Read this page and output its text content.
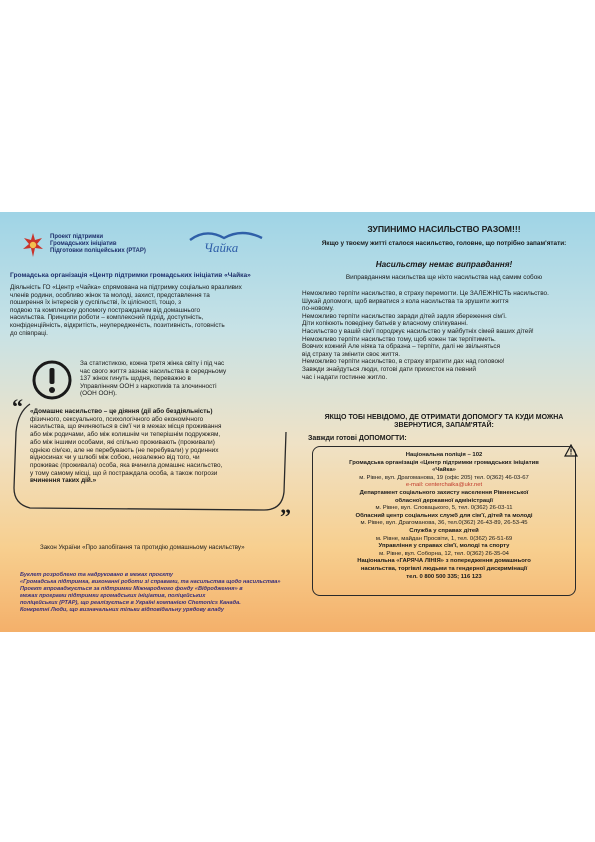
Проект підтримки
Громадських ініціатив
Підготовки поліцейських (РТАР)	Чайка
Громадська організація «Центр підтримки громадських ініціатив «Чайка»
Діяльність ГО «Центр «Чайка» спрямована на підтримку соціально вразливих
членів родини, особливо жінок та молоді, захист, представлення та
поширення їх інтересів у суспільстві, їх цілісності, тощо, з
подвою та комплексну допомогу постраждалим від домашнього
насильства. Принципи роботи – комплексний підхід, доступність,
конфіденційність, відкритість, неупередженість, позитивність, готовність
до співпраці.
За статистикою, кожна третя жінка світу і під час
час свого життя зазнає насильства в середньому
137 жінок гинуть щодня, переважно в
Управлінням ООН з наркотиків та злочинності
(ООН ООН).
“
”
«Домашнє насильство – це діяння (дії або бездіяльність)
фізичного, сексуального, психологічного або економічного
насильства, що вчиняються в сім'ї чи в межах місця проживання
або між родичами, або між колишнім чи теперішнім подружжям,
або між іншими особами, які спільно проживають (проживали)
однією сім'єю, але не перебувають (не перебували) у родинних
відносинах чи у шлюбі між собою, незалежно від того, чи
проживає (проживала) особа, яка вчинила домашнє насильство,
у тому самому місці, що й постраждала особа, а також погрози
вчинення таких дій.»
Закон України «Про запобігання та протидію домашньому насильству»
Буклет розроблено та надруковано в межах проєкту
«Громадська підтримка, виконанні роботи зі справами, та насильства щодо насильства»
Проект впроваджується за підтримки Міжнародного фонду «Відродження» в
межах програми підтримки громадських ініціатив, поліцейських
поліцейських (РТАР), що реалізується в Україні компанією Chemonics Канада.
Конкретні Люди, що визначальних тільки відповідальну урядову владу
ЗУПИНИМО НАСИЛЬСТВО РАЗОМ!!!
Якщо у твоєму житті сталося насильство, головне, що потрібно запам'ятати:
Насильству немає виправдання!
Виправданням насильства ще ніхто насильства над самим собою
Неможливо терпіти насильство, в страху перемогти. Це ЗАЛЕЖНІСТЬ насильство.
Шукай допомоги, щоб вирватися з кола насильства та зрушити життя
по-новому.
Неможливо терпіти насильство заради дітей задля збереження сім'ї.
Діти копіюють поведінку батьків у власному спілкуванні.
Насильство у вашій сім'ї породжує насильство у майбутніх сімей ваших дітей!
Неможливо терпіти насильство тому, щоб кожен так терпітиметь.
Вовчих кожний Але ніяка та образна – терпіти, далі не звільняться
від страху та змінити своє життя.
Неможливо терпіти насильство, в страху втратити дах над головою!
Завжди знайдуться люди, готові дати прихисток на певний
час і надати гостинне житло.
ЯКЩО ТОБІ НЕВІДОМО, ДЕ ОТРИМАТИ ДОПОМОГУ ТА КУДИ МОЖНА ЗВЕРНУТИСЯ, ЗАПАМ'ЯТАЙ:
Завжди готові ДОПОМОГТИ:
Національна поліція – 102
Громадська організація «Центр підтримки громадських ініціатив
«Чайка»
м. Рівне, вул. Драгоманова, 19 (офіс 205) тел. 0(362) 46-03-67
e-mail: centerchaika@ukr.net
Департамент соціального захисту населення Рівненської
обласної державної адміністрації
м. Рівне, вул. Словацького, 5, тел. 0(362) 26-03-11
Обласний центр соціальних служб для сім'ї, дітей та молоді
м. Рівне, вул. Драгоманова, 36, тел.0(362) 26-43-89, 26-53-45
Служба у справах дітей
м. Рівне, майдан Просвіти, 1, тел. 0(362) 26-51-69
Управління у справах сім'ї, молоді та спорту
м. Рівне, вул. Соборна, 12, тел. 0(362) 26-35-04
Національна «ГАРЯЧА ЛІНІЯ» з попередження домашнього
насильства, торгівлі людьми та гендерної дискримінації
тел. 0 800 500 335; 116 123
